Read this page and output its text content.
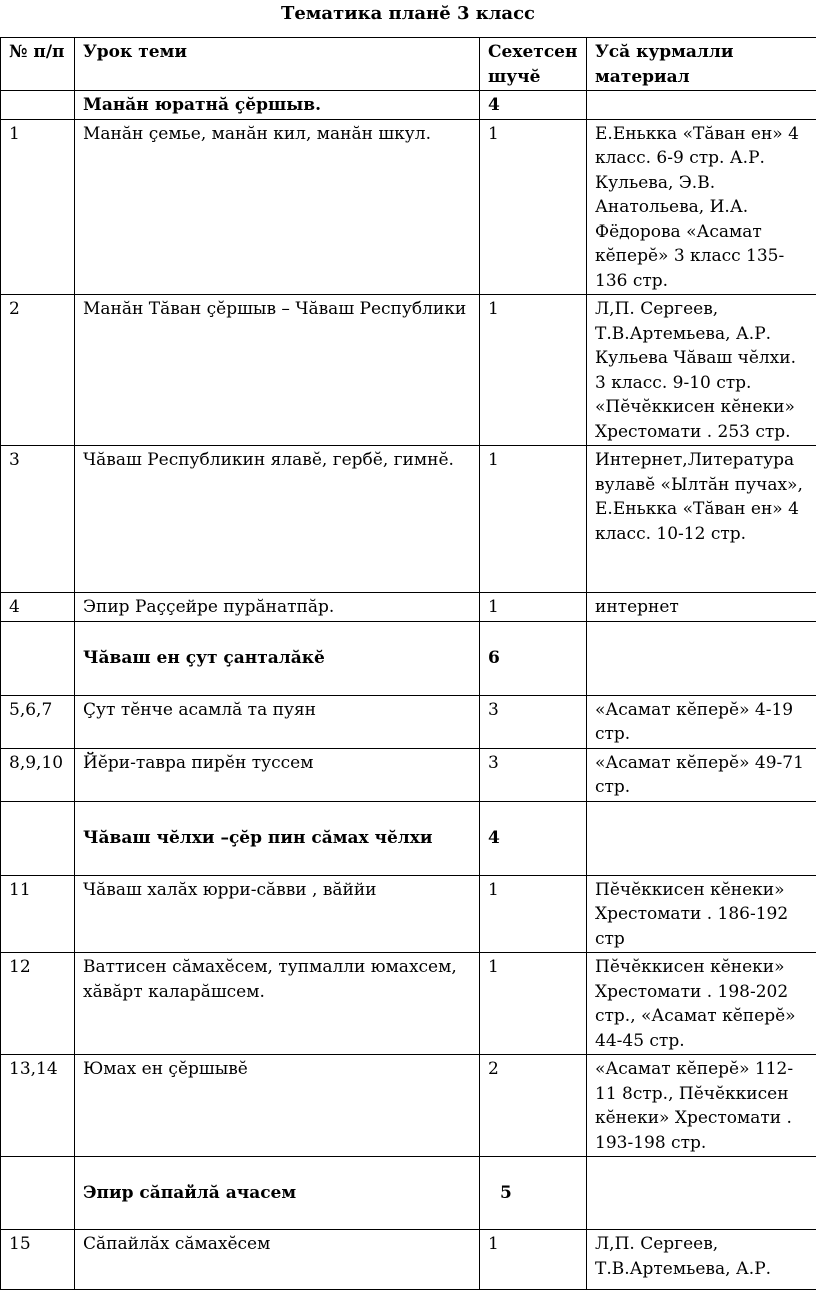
Тематика планĕ 3 класс
№ п/п	Урок теми	Сехетсен шучĕ	Усă курмалли материал
	Манăн юратнă çĕршыв.	4	
1	Манăн çемье, манăн кил, манăн шкул.	1	Е.Енькка «Тăван ен» 4 класс. 6-9 стр. А.Р. Кульева, Э.В. Анатольева, И.А. Фёдорова «Асамат кĕперĕ» 3 класс 135-136 стр.
2	Манăн Тăван çĕршыв – Чăваш Республики	1	Л,П. Сергеев, Т.В.Артемьева, А.Р. Кульева Чăваш чĕлхи. 3 класс. 9-10 стр. «Пĕчĕккисен кĕнеки» Хрестомати . 253 стр.
3	Чăваш Республикин ялавĕ, гербĕ, гимнĕ.	1	Интернет,Литература вулавĕ «Ылтăн пучах», Е.Енькка «Тăван ен» 4 класс. 10-12 стр.
4	Эпир Раççейре пурăнатпăр.	1	интернет
	Чăваш ен çут çанталăкĕ	6	
5,6,7	Çут тĕнче асамлă та пуян	3	«Асамат кĕперĕ» 4-19 стр.
8,9,10	Йĕри-тавра пирĕн туссем	3	«Асамат кĕперĕ» 49-71 стр.
	Чăваш чĕлхи –çĕр пин сăмах чĕлхи	4	
11	Чăваш халăх юрри-сăвви , вăййи	1	Пĕчĕккисен кĕнеки» Хрестомати . 186-192 стр
12	Ваттисен сăмахĕсем, тупмалли юмахсем, хăвăрт каларăшсем.	1	Пĕчĕккисен кĕнеки» Хрестомати . 198-202 стр., «Асамат кĕперĕ» 44-45 стр.
13,14	Юмах ен çĕршывĕ	2	«Асамат кĕперĕ» 112-11 8стр., Пĕчĕккисен кĕнеки» Хрестомати . 193-198 стр.
	Эпир сăпайлă ачасем	5	
15	Сăпайлăх сăмахĕсем	1	Л,П. Сергеев, Т.В.Артемьева, А.Р.
